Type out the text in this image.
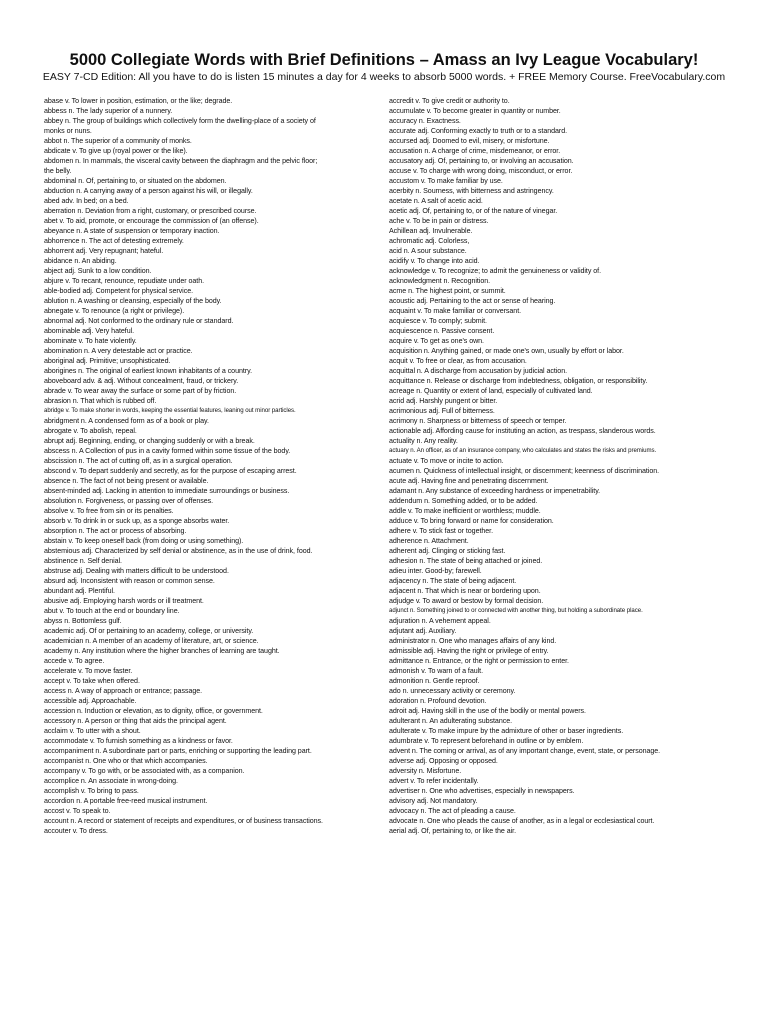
5000 Collegiate Words with Brief Definitions – Amass an Ivy League Vocabulary!

EASY 7-CD Edition: All you have to do is listen 15 minutes a day for 4 weeks to absorb 5000 words. + FREE Memory Course. FreeVocabulary.com

abase v. To lower in position, estimation, or the like; degrade.
abbess n. The lady superior of a nunnery.
abbey n. The group of buildings which collectively form the dwelling-place of a society of
monks or nuns.
abbot n. The superior of a community of monks.
abdicate v. To give up (royal power or the like).
abdomen n. In mammals, the visceral cavity between the diaphragm and the pelvic floor;
the belly.
abdominal n. Of, pertaining to, or situated on the abdomen.
abduction n. A carrying away of a person against his will, or illegally.
abed adv. In bed; on a bed.
aberration n. Deviation from a right, customary, or prescribed course.
abet v. To aid, promote, or encourage the commission of (an offense).
abeyance n. A state of suspension or temporary inaction.
abhorrence n. The act of detesting extremely.
abhorrent adj. Very repugnant; hateful.
abidance n. An abiding.
abject adj. Sunk to a low condition.
abjure v. To recant, renounce, repudiate under oath.
able-bodied adj. Competent for physical service.
ablution n. A washing or cleansing, especially of the body.
abnegate v. To renounce (a right or privilege).
abnormal adj. Not conformed to the ordinary rule or standard.
abominable adj. Very hateful.
abominate v. To hate violently.
abomination n. A very detestable act or practice.
aboriginal adj. Primitive; unsophisticated.
aborigines n. The original of earliest known inhabitants of a country.
aboveboard adv. & adj. Without concealment, fraud, or trickery.
abrade v. To wear away the surface or some part of by friction.
abrasion n. That which is rubbed off.
abridge v. To make shorter in words, keeping the essential features, leaning out minor particles.
abridgment n. A condensed form as of a book or play.
abrogate v. To abolish, repeal.
abrupt adj. Beginning, ending, or changing suddenly or with a break.
abscess n. A Collection of pus in a cavity formed within some tissue of the body.
abscission n. The act of cutting off, as in a surgical operation.
abscond v. To depart suddenly and secretly, as for the purpose of escaping arrest.
absence n. The fact of not being present or available.
absent-minded adj. Lacking in attention to immediate surroundings or business.
absolution n. Forgiveness, or passing over of offenses.
absolve v. To free from sin or its penalties.
absorb v. To drink in or suck up, as a sponge absorbs water.
absorption n. The act or process of absorbing.
abstain v. To keep oneself back (from doing or using something).
abstemious adj. Characterized by self denial or abstinence, as in the use of drink, food.
abstinence n. Self denial.
abstruse adj. Dealing with matters difficult to be understood.
absurd adj. Inconsistent with reason or common sense.
abundant adj. Plentiful.
abusive adj. Employing harsh words or ill treatment.
abut v. To touch at the end or boundary line.
abyss n. Bottomless gulf.
academic adj. Of or pertaining to an academy, college, or university.
academician n. A member of an academy of literature, art, or science.
academy n. Any institution where the higher branches of learning are taught.
accede v. To agree.
accelerate v. To move faster.
accept v. To take when offered.
access n. A way of approach or entrance; passage.
accessible adj. Approachable.
accession n. Induction or elevation, as to dignity, office, or government.
accessory n. A person or thing that aids the principal agent.
acclaim v. To utter with a shout.
accommodate v. To furnish something as a kindness or favor.
accompaniment n. A subordinate part or parts, enriching or supporting the leading part.
accompanist n. One who or that which accompanies.
accompany v. To go with, or be associated with, as a companion.
accomplice n. An associate in wrong-doing.
accomplish v. To bring to pass.
accordion n. A portable free-reed musical instrument.
accost v. To speak to.
account n. A record or statement of receipts and expenditures, or of business transactions.
accouter v. To dress.
accredit v. To give credit or authority to.
accumulate v. To become greater in quantity or number.
accuracy n. Exactness.
accurate adj. Conforming exactly to truth or to a standard.
accursed adj. Doomed to evil, misery, or misfortune.
accusation n. A charge of crime, misdemeanor, or error.
accusatory adj. Of, pertaining to, or involving an accusation.
accuse v. To charge with wrong doing, misconduct, or error.
accustom v. To make familiar by use.
acerbity n. Sourness, with bitterness and astringency.
acetate n. A salt of acetic acid.
acetic adj. Of, pertaining to, or of the nature of vinegar.
ache v. To be in pain or distress.
Achillean adj. Invulnerable.
achromatic adj. Colorless,
acid n. A sour substance.
acidify v. To change into acid.
acknowledge v. To recognize; to admit the genuineness or validity of.
acknowledgment n. Recognition.
acme n. The highest point, or summit.
acoustic adj. Pertaining to the act or sense of hearing.
acquaint v. To make familiar or conversant.
acquiesce v. To comply; submit.
acquiescence n. Passive consent.
acquire v. To get as one's own.
acquisition n. Anything gained, or made one's own, usually by effort or labor.
acquit v. To free or clear, as from accusation.
acquittal n. A discharge from accusation by judicial action.
acquittance n. Release or discharge from indebtedness, obligation, or responsibility.
acreage n. Quantity or extent of land, especially of cultivated land.
acrid adj. Harshly pungent or bitter.
acrimonious adj. Full of bitterness.
acrimony n. Sharpness or bitterness of speech or temper.
actionable adj. Affording cause for instituting an action, as trespass, slanderous words.
actuality n. Any reality.
actuary n. An officer, as of an insurance company, who calculates and states the risks and premiums.
actuate v. To move or incite to action.
acumen n. Quickness of intellectual insight, or discernment; keenness of discrimination.
acute adj. Having fine and penetrating discernment.
adamant n. Any substance of exceeding hardness or impenetrability.
addendum n. Something added, or to be added.
addle v. To make inefficient or worthless; muddle.
adduce v. To bring forward or name for consideration.
adhere v. To stick fast or together.
adherence n. Attachment.
adherent adj. Clinging or sticking fast.
adhesion n. The state of being attached or joined.
adieu inter. Good-by; farewell.
adjacency n. The state of being adjacent.
adjacent n. That which is near or bordering upon.
adjudge v. To award or bestow by formal decision.
adjunct n. Something joined to or connected with another thing, but holding a subordinate place.
adjuration n. A vehement appeal.
adjutant adj. Auxiliary.
administrator n. One who manages affairs of any kind.
admissible adj. Having the right or privilege of entry.
admittance n. Entrance, or the right or permission to enter.
admonish v. To warn of a fault.
admonition n. Gentle reproof.
ado n. unnecessary activity or ceremony.
adoration n. Profound devotion.
adroit adj. Having skill in the use of the bodily or mental powers.
adulterant n. An adulterating substance.
adulterate v. To make impure by the admixture of other or baser ingredients.
adumbrate v. To represent beforehand in outline or by emblem.
advent n. The coming or arrival, as of any important change, event, state, or personage.
adverse adj. Opposing or opposed.
adversity n. Misfortune.
advert v. To refer incidentally.
advertiser n. One who advertises, especially in newspapers.
advisory adj. Not mandatory.
advocacy n. The act of pleading a cause.
advocate n. One who pleads the cause of another, as in a legal or ecclesiastical court.
aerial adj. Of, pertaining to, or like the air.
